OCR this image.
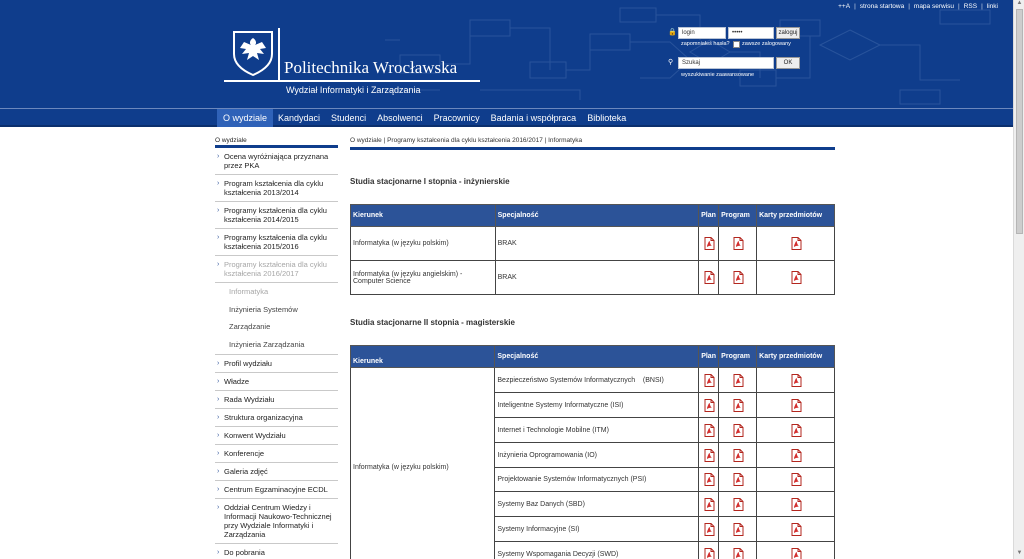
++A | strona startowa | mapa serwisu | RSS | linki
Politechnika Wrocławska
Wydział Informatyki i Zarządzania
🔒 login	•••••	zaloguj
zapomniałeś hasła? zawsze zalogowany
⚲	Szukaj	OK
wyszukiwanie zaawansowane
O wydziale Kandydaci Studenci Absolwenci Pracownicy Badania i współpraca Biblioteka
O wydziale
› Ocena wyróżniająca przyznana przez PKA
› Program kształcenia dla cyklu kształcenia 2013/2014
› Programy kształcenia dla cyklu kształcenia 2014/2015
› Programy kształcenia dla cyklu kształcenia 2015/2016
› Programy kształcenia dla cyklu kształcenia 2016/2017
Informatyka
Inżynieria Systemów
Zarządzanie
Inżynieria Zarządzania
› Profil wydziału
› Władze
› Rada Wydziału
› Struktura organizacyjna
› Konwent Wydziału
› Konferencje
› Galeria zdjęć
› Centrum Egzaminacyjne ECDL
› Oddział Centrum Wiedzy i Informacji Naukowo-Technicznej przy Wydziale Informatyki i Zarządzania
› Do pobrania
O wydziale | Programy kształcenia dla cyklu kształcenia 2016/2017 | Informatyka
Studia stacjonarne I stopnia - inżynierskie
Kierunek	Specjalność	Plan	Program	Karty przedmiotów
Informatyka (w języku polskim)	BRAK			
Informatyka (w języku angielskim) - Computer Science	BRAK			
Studia stacjonarne II stopnia - magisterskie
Kierunek	Specjalność	Plan	Program	Karty przedmiotów
Informatyka (w języku polskim)	Bezpieczeństwo Systemów Informatycznych    (BNSI)			
	Inteligentne Systemy Informatyczne (ISI)			
	Internet i Technologie Mobilne (ITM)			
	Inżynieria Oprogramowania (IO)			
	Projektowanie Systemów Informatycznych (PSI)			
	Systemy Baz Danych (SBD)			
	Systemy Informacyjne (SI)			
	Systemy Wspomagania Decyzji (SWD)			
▲
▼
